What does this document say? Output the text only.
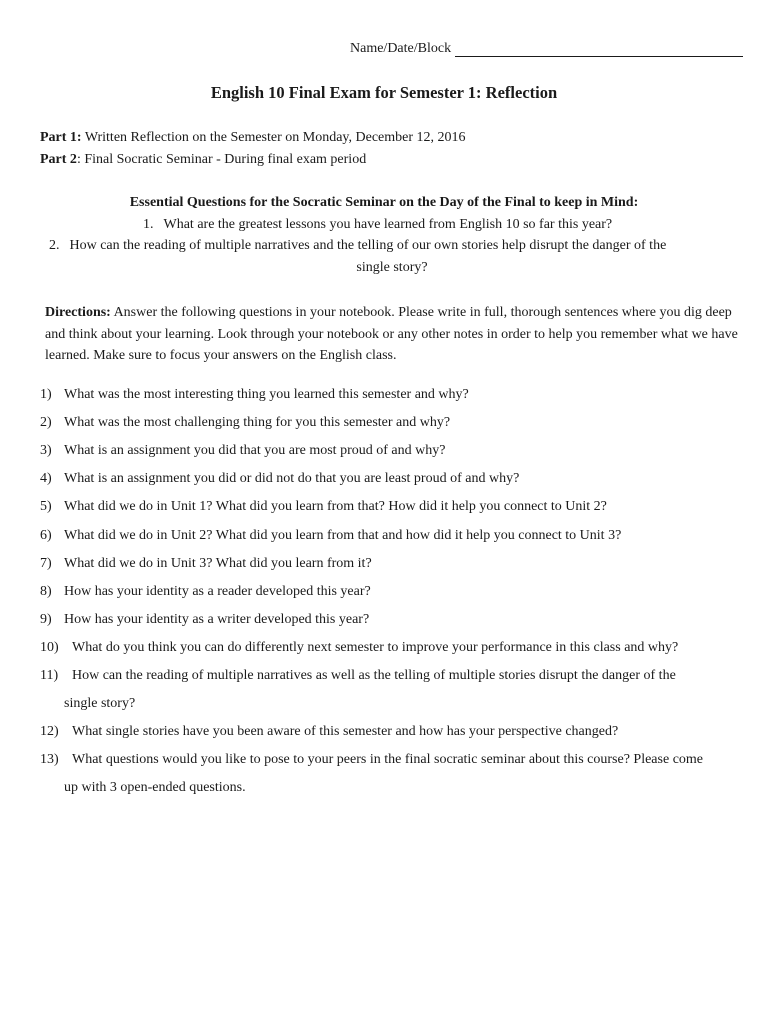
Name/Date/Block
English 10 Final Exam for Semester 1: Reflection
Part 1: Written Reflection on the Semester on Monday, December 12, 2016
Part 2: Final Socratic Seminar - During final exam period
Essential Questions for the Socratic Seminar on the Day of the Final to keep in Mind:
1. What are the greatest lessons you have learned from English 10 so far this year?
2. How can the reading of multiple narratives and the telling of our own stories help disrupt the danger of the
single story?
Directions: Answer the following questions in your notebook. Please write in full, thorough sentences where you dig deep and think about your learning. Look through your notebook or any other notes in order to help you remember what we have learned. Make sure to focus your answers on the English class.
1) What was the most interesting thing you learned this semester and why?
2) What was the most challenging thing for you this semester and why?
3) What is an assignment you did that you are most proud of and why?
4) What is an assignment you did or did not do that you are least proud of and why?
5) What did we do in Unit 1? What did you learn from that? How did it help you connect to Unit 2?
6) What did we do in Unit 2? What did you learn from that and how did it help you connect to Unit 3?
7) What did we do in Unit 3? What did you learn from it?
8) How has your identity as a reader developed this year?
9) How has your identity as a writer developed this year?
10) What do you think you can do differently next semester to improve your performance in this class and why?
11) How can the reading of multiple narratives as well as the telling of multiple stories disrupt the danger of the
single story?
12) What single stories have you been aware of this semester and how has your perspective changed?
13) What questions would you like to pose to your peers in the final socratic seminar about this course? Please come
up with 3 open-ended questions.
